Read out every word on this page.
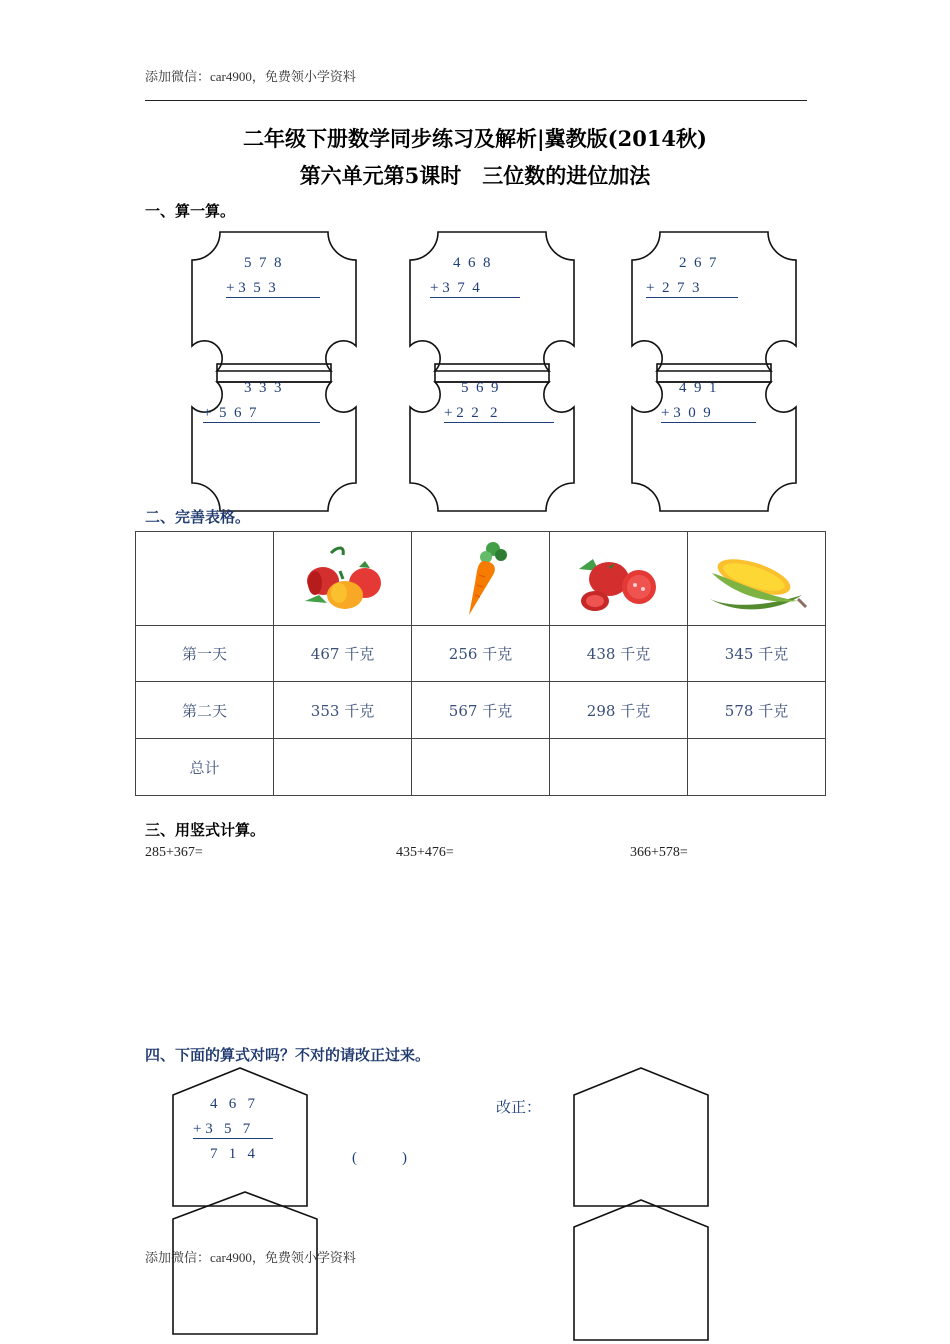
添加微信：car4900，免费领小学资料
二年级下册数学同步练习及解析|冀教版(2014秋)
第六单元第5课时　三位数的进位加法
一、算一算。
5  7  8
+ 3  5  3
4  6  8
+ 3  7  4
2  6  7
+  2  7  3
3  3  3
+  5  6  7
5  6  9
+ 2  2   2
4  9  1
+ 3  0  9
二、完善表格。

第一天	467 千克	256 千克	438 千克	345 千克
第二天	353 千克	567 千克	298 千克	578 千克
总计				
三、用竖式计算。
285+367=	435+476=	366+578=
四、下面的算式对吗？不对的请改正过来。
4   6   7
+ 3   5   7
7   1   4	(　　　)
改正：
添加微信：car4900，免费领小学资料
